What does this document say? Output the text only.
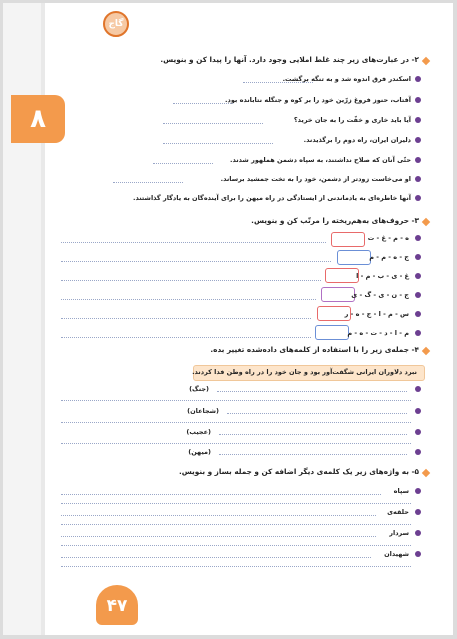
۸
گاج
۴۷
۲- در عبارت‌های زیر چند غلط املایی وجود دارد. آنها را پیدا کن و بنویس.
اسکندر فرق اندوه شد و به تنگه برگشت.
آفتاب، حنوز فروغ زرّین خود را بر کوه و جنگله نتابانده بود.
آیا باید خاری و خفّت را به جان خرید؟
دلیران ایران، راه دوم را برگذیدند.
حتّی آنان که صلاح نداشتند، به سپاه دشمن هملهور شدند.
او می‌خاست زودتر از دشمن، خود را به تخت جمشید برساند.
آنها خاطره‌ای به یادماندنی از ایستادگی در راه میهن را برای آینده‌گان به یادگار گذاشتند.
۳- حروف‌های به‌هم‌ریخته را مرتّب کن و بنویس.
ه - م - غ - ت
ج - ه - م - م
غ - ی - ب - م - ا
ج - ن - ی - گ - ی
س - م - ا - ج - ه - ر
م - ا - د - ت - ه - م
۴- جمله‌ی زیر را با استفاده از کلمه‌های داده‌شده تغییر بده.
نبرد دلاوران ایرانی شگفت‌آور بود و جان خود را در راه وطن فدا کردند.
(جنگ)
(شجاعان)
(عجیب)
(میهن)
۵- به واژه‌های زیر یک کلمه‌ی دیگر اضافه کن و جمله بساز و بنویس.
سپاه
حلقه‌ی
سردار
شهیدان
